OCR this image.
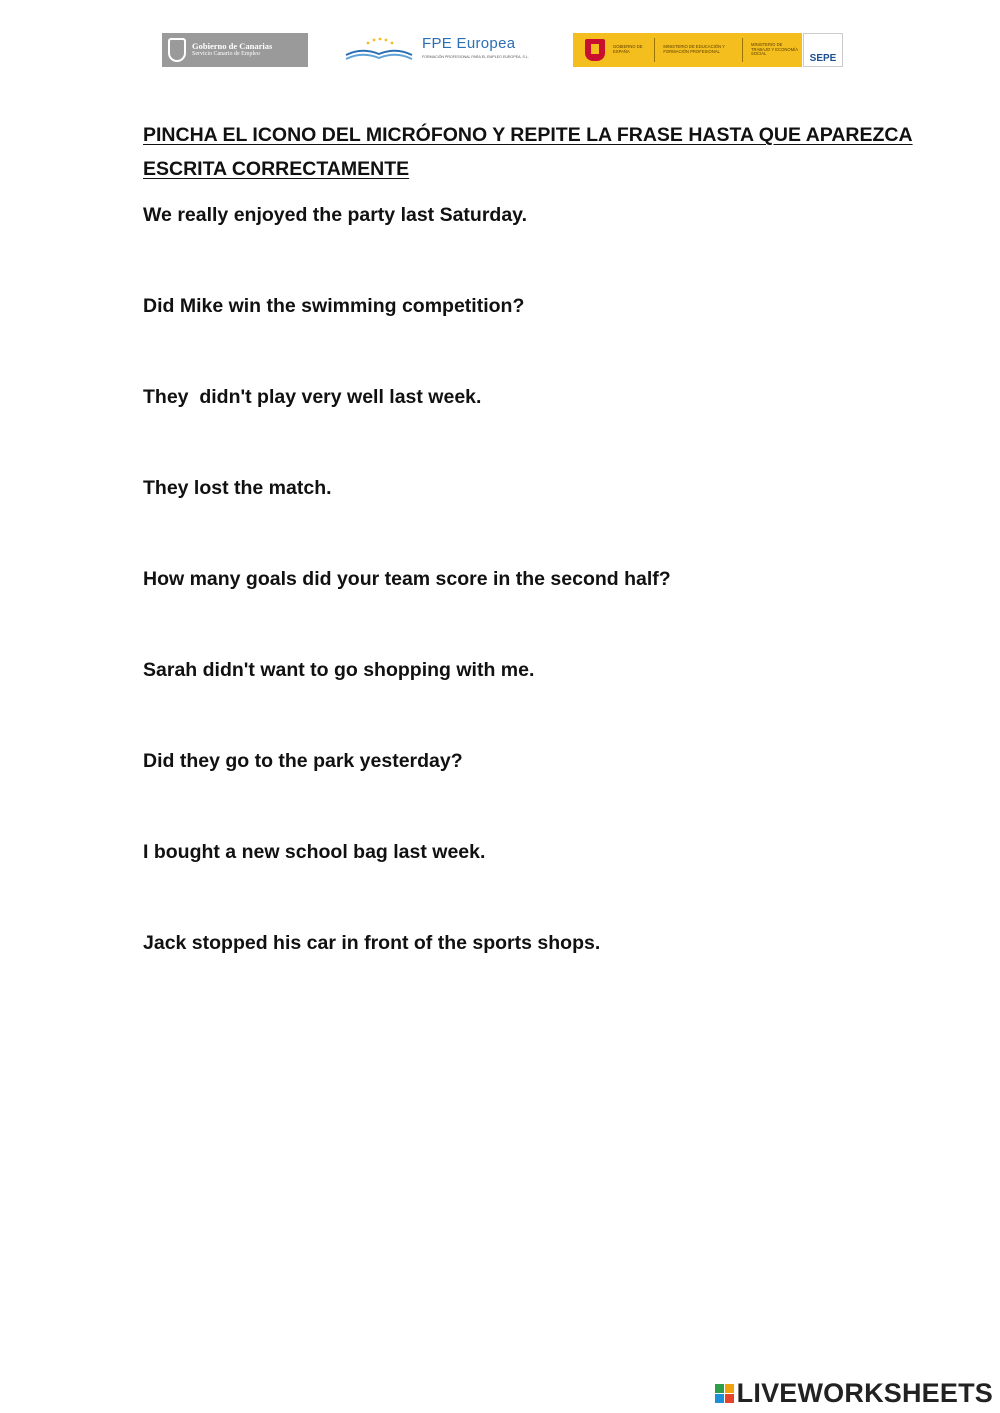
Gobierno de Canarias
Servicio Canario de Empleo
FPE Europea
FORMACIÓN PROFESIONAL PARA EL EMPLEO EUROPEA, S.L.
GOBIERNO DE ESPAÑA
MINISTERIO DE EDUCACIÓN Y FORMACIÓN PROFESIONAL
MINISTERIO DE TRABAJO Y ECONOMÍA SOCIAL	SEPE

PINCHA EL ICONO DEL MICRÓFONO Y REPITE LA FRASE HASTA QUE APAREZCA ESCRITA CORRECTAMENTE

We really enjoyed the party last Saturday.
Did Mike win the swimming competition?
They  didn't play very well last week.
They lost the match.
How many goals did your team score in the second half?
Sarah didn't want to go shopping with me.
Did they go to the park yesterday?
I bought a new school bag last week.
Jack stopped his car in front of the sports shops.
LIVEWORKSHEETS
